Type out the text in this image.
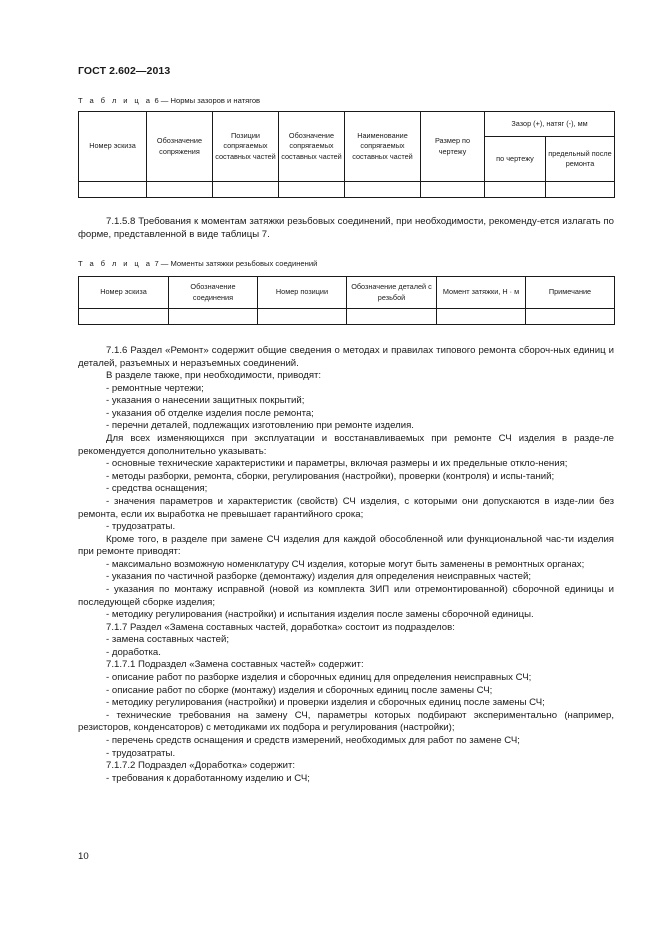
ГОСТ 2.602—2013
Т а б л и ц а 6 — Нормы зазоров и натягов
Номер эскиза	Обозначение сопряжения	Позиции сопрягаемых составных частей	Обозначение сопрягаемых составных частей	Наименование сопрягаемых составных частей	Размер по чертежу	Зазор (+), натяг (-), мм	
						по чертежу	предельный после ремонта

7.1.5.8 Требования к моментам затяжки резьбовых соединений, при необходимости, рекоменду-ется излагать по форме, представленной в виде таблицы 7.

Т а б л и ц а 7 — Моменты затяжки резьбовых соединений
Номер эскиза	Обозначение соединения	Номер позиции	Обозначение деталей с резьбой	Момент затяжки, Н · м	Примечание

7.1.6 Раздел «Ремонт» содержит общие сведения о методах и правилах типового ремонта сбороч-ных единиц и деталей, разъемных и неразъемных соединений.

В разделе также, при необходимости, приводят:

- ремонтные чертежи;

- указания о нанесении защитных покрытий;

- указания об отделке изделия после ремонта;

- перечни деталей, подлежащих изготовлению при ремонте изделия.

Для всех изменяющихся при эксплуатации и восстанавливаемых при ремонте СЧ изделия в разде-ле рекомендуется дополнительно указывать:

- основные технические характеристики и параметры, включая размеры и их предельные откло-нения;

- методы разборки, ремонта, сборки, регулирования (настройки), проверки (контроля) и испы-таний;

- средства оснащения;

- значения параметров и характеристик (свойств) СЧ изделия, с которыми они допускаются в изде-лии без ремонта, если их выработка не превышает гарантийного срока;

- трудозатраты.

Кроме того, в разделе при замене СЧ изделия для каждой обособленной или функциональной час-ти изделия при ремонте приводят:

- максимально возможную номенклатуру СЧ изделия, которые могут быть заменены в ремонтных органах;

- указания по частичной разборке (демонтажу) изделия для определения неисправных частей;

- указания по монтажу исправной (новой из комплекта ЗИП или отремонтированной) сборочной единицы и последующей сборке изделия;

- методику регулирования (настройки) и испытания изделия после замены сборочной единицы.

7.1.7 Раздел «Замена составных частей, доработка» состоит из подразделов:

- замена составных частей;

- доработка.

7.1.7.1 Подраздел «Замена составных частей» содержит:

- описание работ по разборке изделия и сборочных единиц для определения неисправных СЧ;

- описание работ по сборке (монтажу) изделия и сборочных единиц после замены СЧ;

- методику регулирования (настройки) и проверки изделия и сборочных единиц после замены СЧ;

- технические требования на замену СЧ, параметры которых подбирают экспериментально (например, резисторов, конденсаторов) с методиками их подбора и регулирования (настройки);

- перечень средств оснащения и средств измерений, необходимых для работ по замене СЧ;

- трудозатраты.

7.1.7.2 Подраздел «Доработка» содержит:

- требования к доработанному изделию и СЧ;

10
